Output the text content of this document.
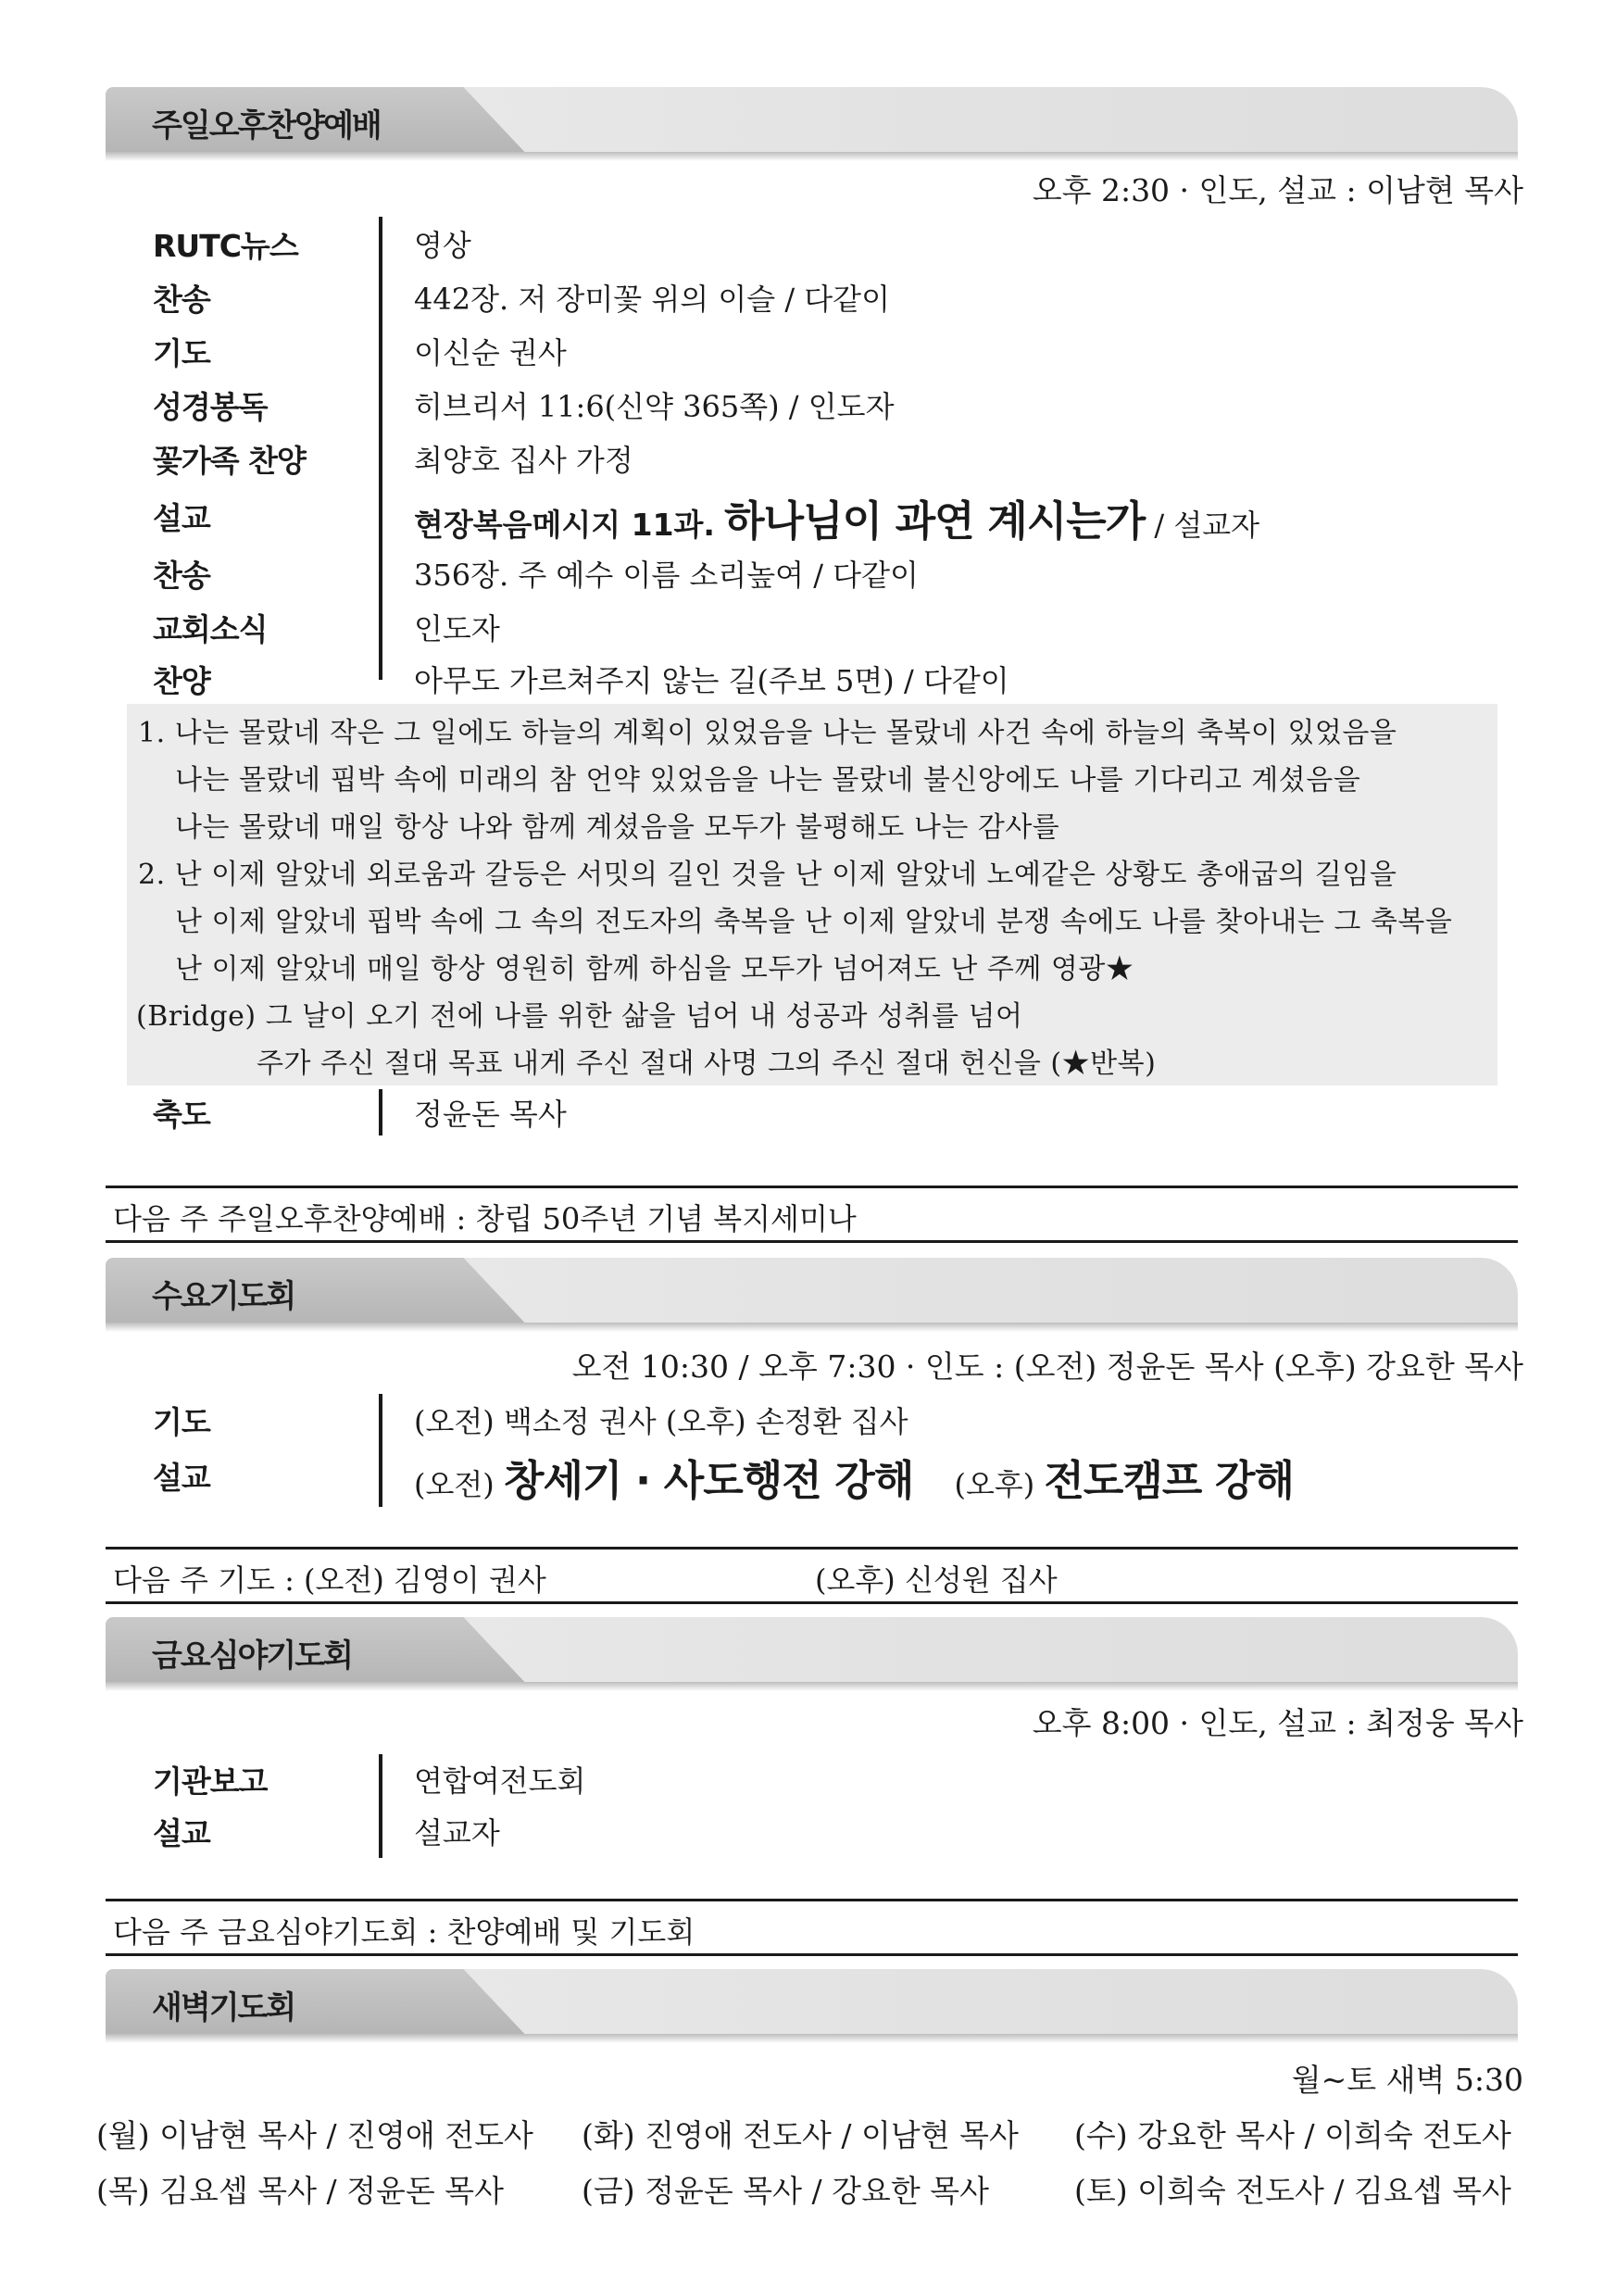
주일오후찬양예배
오후 2:30 · 인도, 설교 : 이남현 목사
RUTC뉴스	영상
찬송	442장. 저 장미꽃 위의 이슬 / 다같이
기도	이신순 권사
성경봉독	히브리서 11:6(신약 365쪽) / 인도자
꽃가족 찬양	최양호 집사 가정
설교	현장복음메시지 11과. 하나님이 과연 계시는가 / 설교자
찬송	356장. 주 예수 이름 소리높여 / 다같이
교회소식	인도자
찬양	아무도 가르쳐주지 않는 길(주보 5면) / 다같이
1. 나는 몰랐네 작은 그 일에도 하늘의 계획이 있었음을 나는 몰랐네 사건 속에 하늘의 축복이 있었음을
나는 몰랐네 핍박 속에 미래의 참 언약 있었음을 나는 몰랐네 불신앙에도 나를 기다리고 계셨음을
나는 몰랐네 매일 항상 나와 함께 계셨음을 모두가 불평해도 나는 감사를
2. 난 이제 알았네 외로움과 갈등은 서밋의 길인 것을 난 이제 알았네 노예같은 상황도 총애굽의 길임을
난 이제 알았네 핍박 속에 그 속의 전도자의 축복을 난 이제 알았네 분쟁 속에도 나를 찾아내는 그 축복을
난 이제 알았네 매일 항상 영원히 함께 하심을 모두가 넘어져도 난 주께 영광★
(Bridge) 그 날이 오기 전에 나를 위한 삶을 넘어 내 성공과 성취를 넘어
주가 주신 절대 목표 내게 주신 절대 사명 그의 주신 절대 헌신을 (★반복)
축도	정윤돈 목사
다음 주 주일오후찬양예배 : 창립 50주년 기념 복지세미나
수요기도회
오전 10:30 / 오후 7:30 · 인도 : (오전) 정윤돈 목사 (오후) 강요한 목사
기도	(오전) 백소정 권사 (오후) 손정환 집사
설교	(오전) 창세기 · 사도행전 강해 (오후) 전도캠프 강해
다음 주 기도 : (오전) 김영이 권사	(오후) 신성원 집사
금요심야기도회
오후 8:00 · 인도, 설교 : 최정웅 목사
기관보고	연합여전도회
설교	설교자
다음 주 금요심야기도회 : 찬양예배 및 기도회
새벽기도회
월~토 새벽 5:30
(월) 이남현 목사 / 진영애 전도사 (화) 진영애 전도사 / 이남현 목사 (수) 강요한 목사 / 이희숙 전도사
(목) 김요셉 목사 / 정윤돈 목사	(금) 정윤돈 목사 / 강요한 목사	(토) 이희숙 전도사 / 김요셉 목사
